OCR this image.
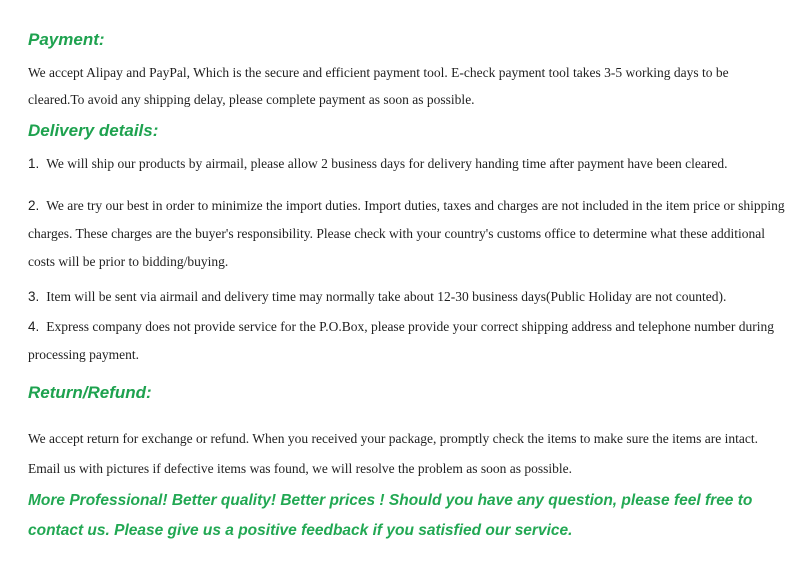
Payment:
We accept Alipay and PayPal, Which is the secure and efficient payment tool. E-check payment tool takes 3-5 working days to be
cleared.To avoid any shipping delay, please complete payment as soon as possible.
Delivery details:
1. We will ship our products by airmail, please allow 2 business days for delivery handing time after payment have been cleared.
2. We are try our best in order to minimize the import duties. Import duties, taxes and charges are not included in the item price or shipping
charges. These charges are the buyer's responsibility. Please check with your country's customs office to determine what these additional
costs will be prior to bidding/buying.
3. Item will be sent via airmail and delivery time may normally take about 12-30 business days(Public Holiday are not counted).
4. Express company does not provide service for the P.O.Box, please provide your correct shipping address and telephone number during
processing payment.
Return/Refund:
We accept return for exchange or refund. When you received your package, promptly check the items to make sure the items are intact.
Email us with pictures if defective items was found, we will resolve the problem as soon as possible.
More Professional! Better quality! Better prices ! Should you have any question, please feel free to
contact us. Please give us a positive feedback if you satisfied our service.
